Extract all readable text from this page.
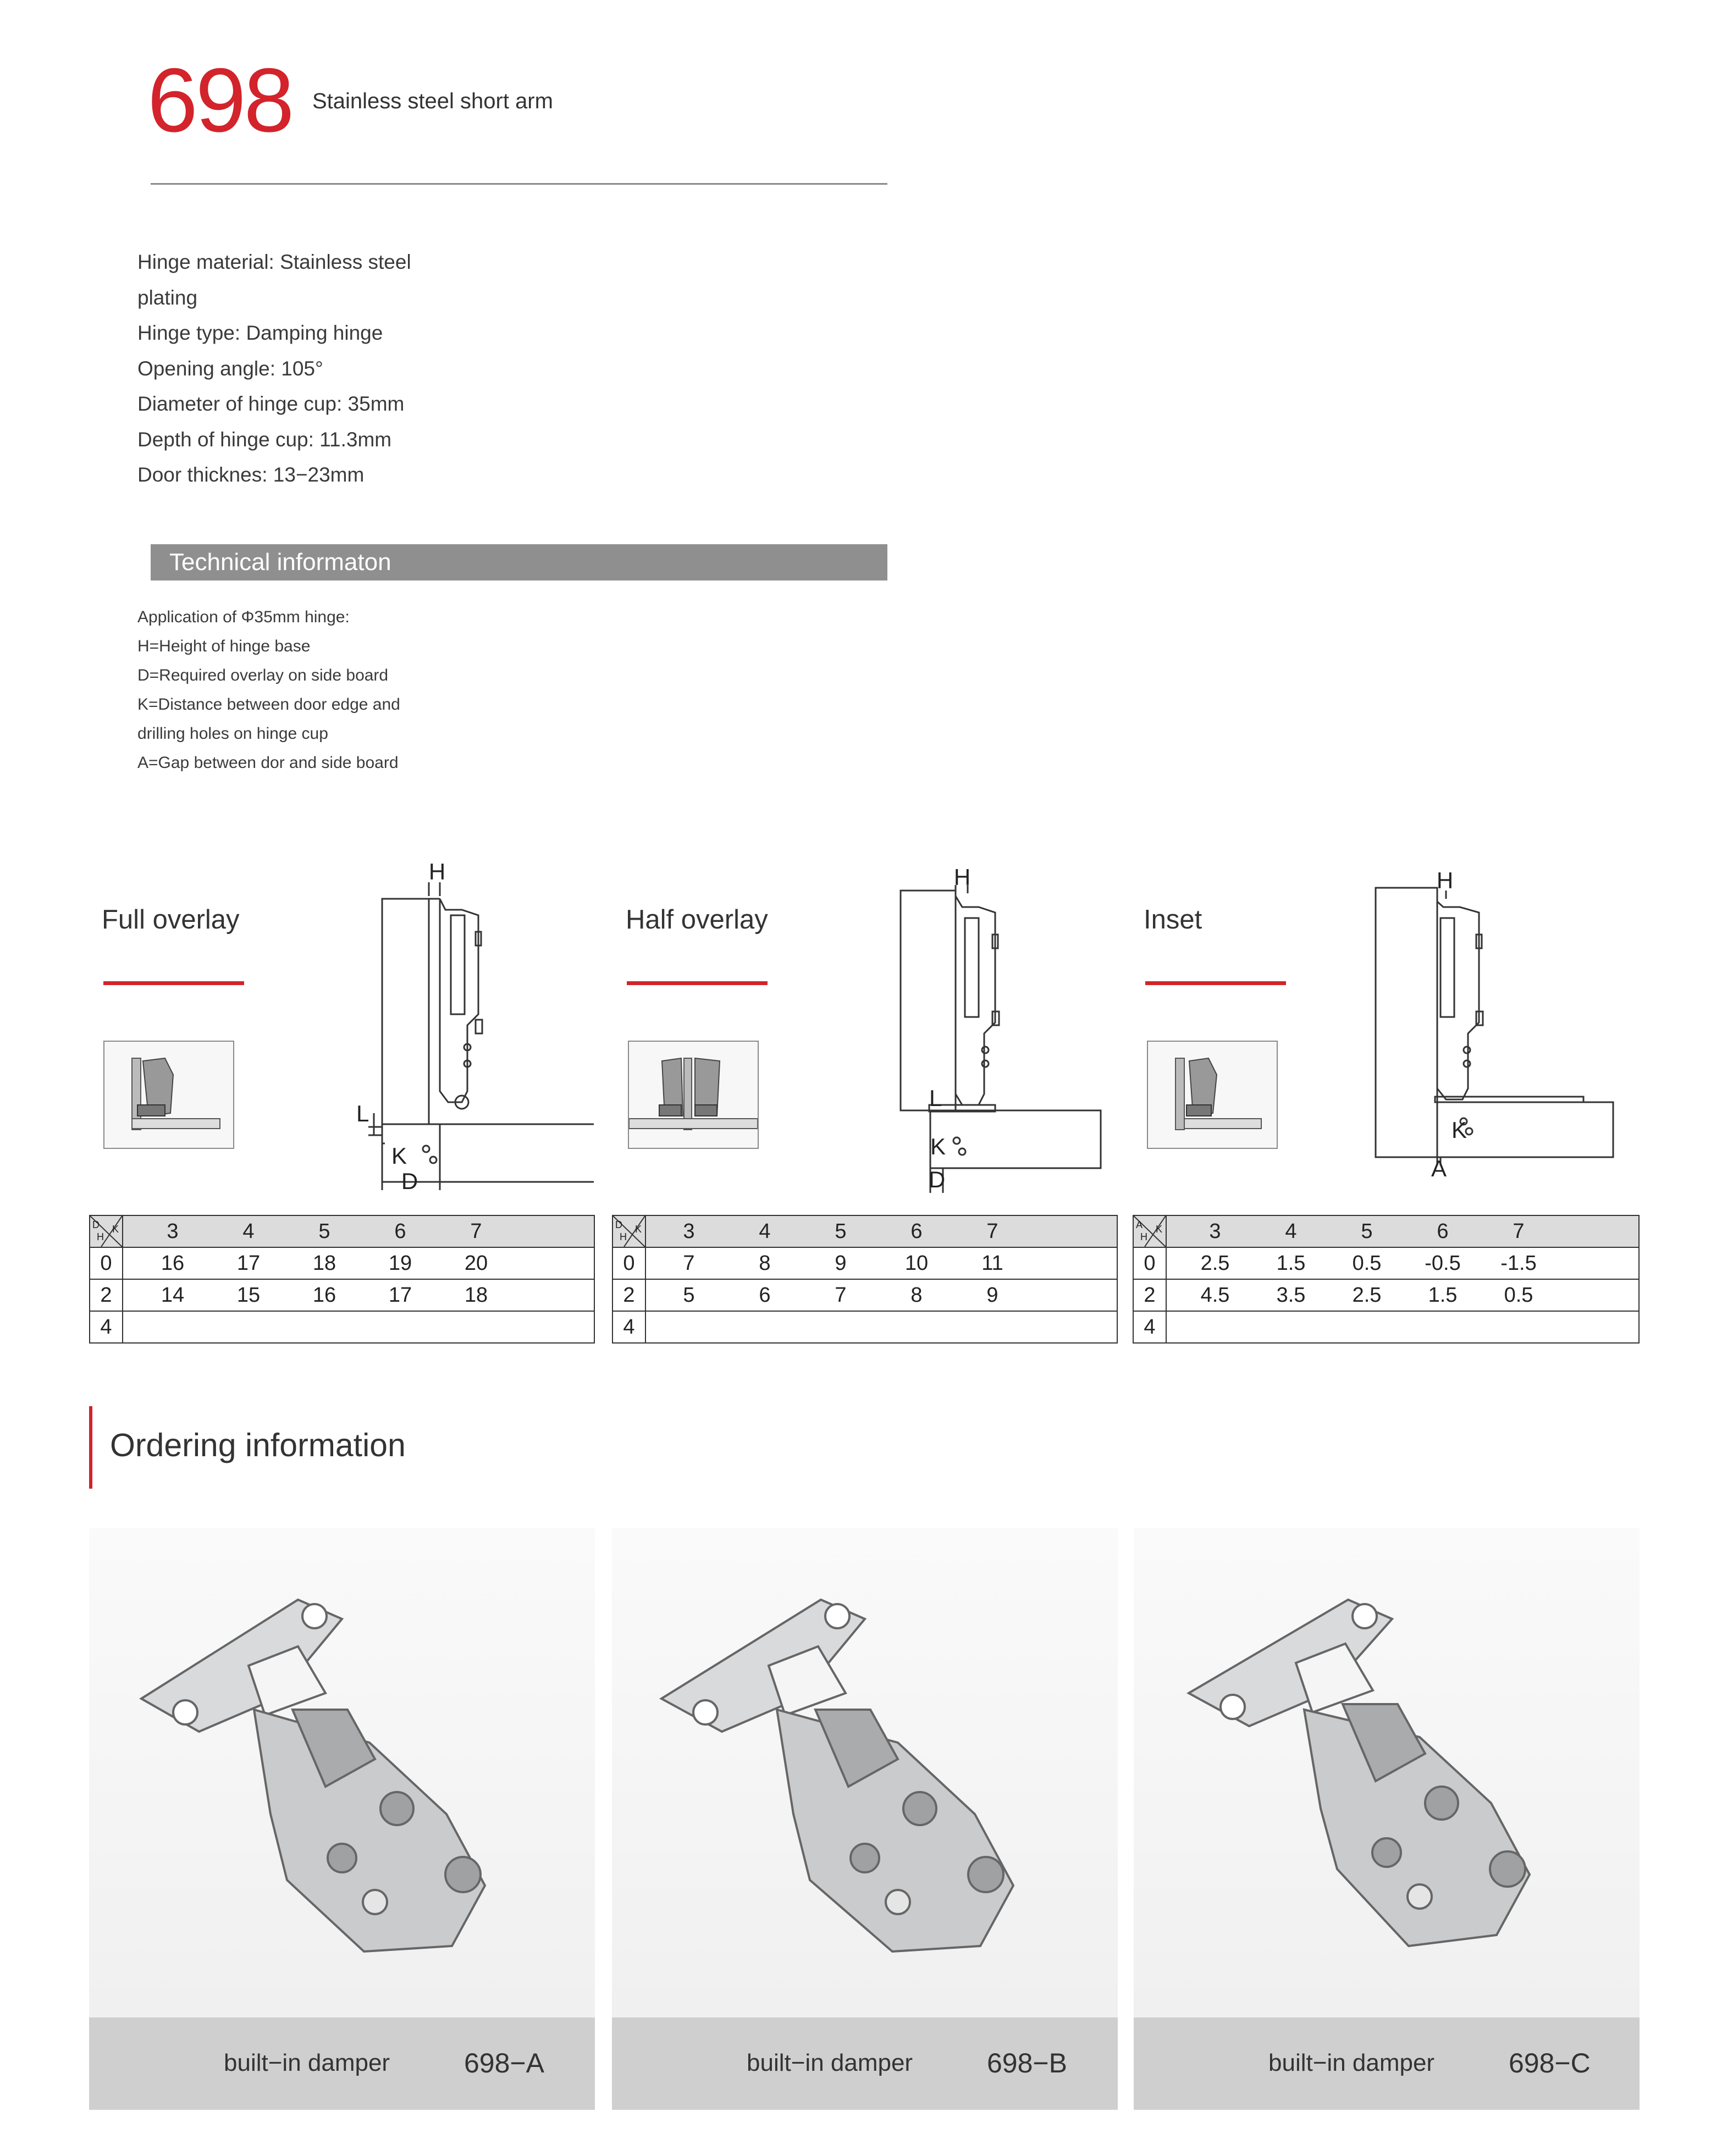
698 Stainless steel short arm
Hinge material: Stainless steel
plating
Hinge type: Damping hinge
Opening angle: 105°
Diameter of hinge cup: 35mm
Depth of hinge cup: 11.3mm
Door thicknes: 13−23mm
Technical informaton
Application of Φ35mm hinge:
H=Height of hinge base
D=Required overlay on side board
K=Distance between door edge and
drilling holes on hinge cup
A=Gap between dor and side board
Full overlay
H
L
K
D
Half overlay
H
L
K
D
Inset
H
K
A
D
H
K	3 4 5 6 7

0	16 17 18 19 20

2	14 15 16 17 18

4	
D
H
K	3 4 5 6 7

0	7 8 9 10 11

2	5 6 7 8 9

4	
A
H
K	3 4 5 6 7

0	2.5 1.5 0.5 -0.5 -1.5

2	4.5 3.5 2.5 1.5 0.5

4	
Ordering information
built−in damper	698−A	built−in damper	698−B	built−in damper	698−C
